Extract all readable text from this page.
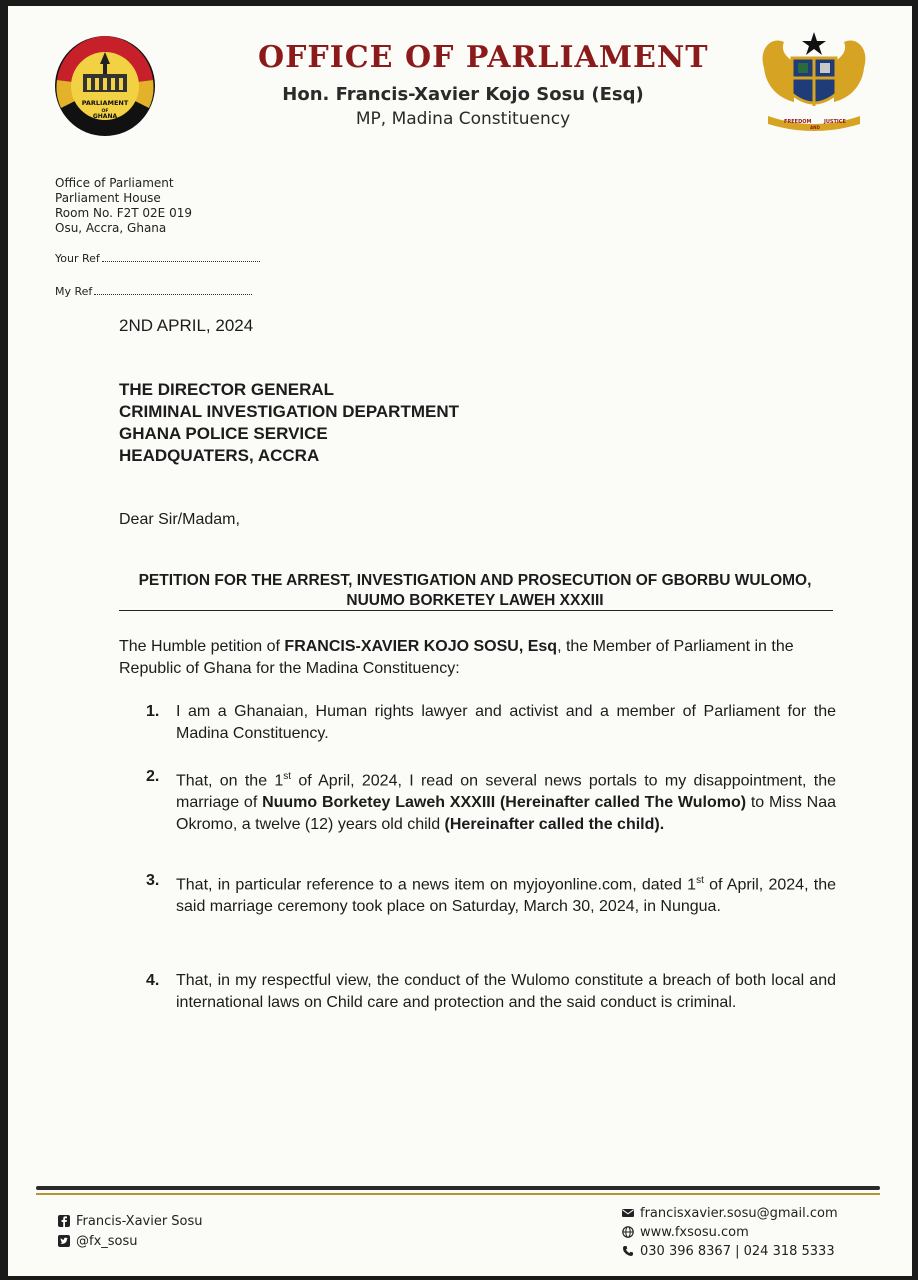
PARLIAMENT
OF
GHANA
OFFICE OF PARLIAMENT
Hon. Francis-Xavier Kojo Sosu (Esq)
MP, Madina Constituency	FREEDOM
AND
JUSTICE
Office of Parliament
Parliament House
Room No. F2T 02E 019
Osu, Accra, Ghana
Your Ref
My Ref
2ND APRIL, 2024
THE DIRECTOR GENERAL
CRIMINAL INVESTIGATION DEPARTMENT
GHANA POLICE SERVICE
HEADQUATERS, ACCRA
Dear Sir/Madam,
PETITION FOR THE ARREST, INVESTIGATION AND PROSECUTION OF GBORBU WULOMO, NUUMO BORKETEY LAWEH XXXIII
The Humble petition of FRANCIS-XAVIER KOJO SOSU, Esq, the Member of Parliament in the Republic of Ghana for the Madina Constituency:
1. I am a Ghanaian, Human rights lawyer and activist and a member of Parliament for the Madina Constituency.
2. That, on the 1st of April, 2024, I read on several news portals to my disappointment, the marriage of Nuumo Borketey Laweh XXXIII (Hereinafter called The Wulomo) to Miss Naa Okromo, a twelve (12) years old child (Hereinafter called the child).
3. That, in particular reference to a news item on myjoyonline.com, dated 1st of April, 2024, the said marriage ceremony took place on Saturday, March 30, 2024, in Nungua.
4. That, in my respectful view, the conduct of the Wulomo constitute a breach of both local and international laws on Child care and protection and the said conduct is criminal.
Francis-Xavier Sosu
@fx_sosu
francisxavier.sosu@gmail.com
www.fxsosu.com
030 396 8367 | 024 318 5333
